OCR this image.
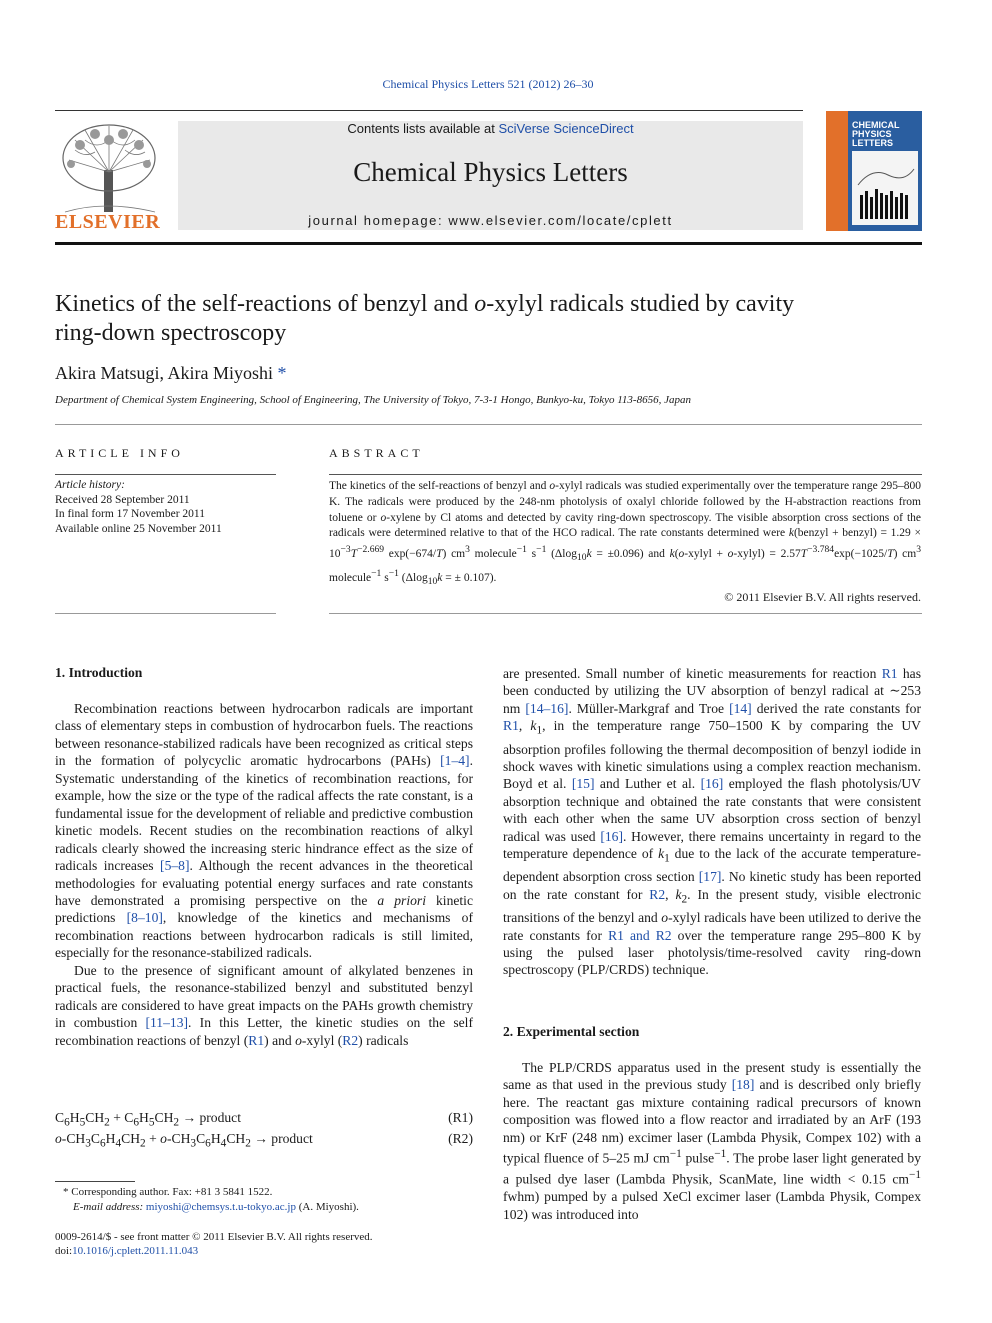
Chemical Physics Letters 521 (2012) 26–30
ELSEVIER
Contents lists available at SciVerse ScienceDirect
Chemical Physics Letters
journal homepage: www.elsevier.com/locate/cplett
CHEMICAL
PHYSICS
LETTERS
Kinetics of the self-reactions of benzyl and o-xylyl radicals studied by cavity
ring-down spectroscopy
Akira Matsugi, Akira Miyoshi *
Department of Chemical System Engineering, School of Engineering, The University of Tokyo, 7-3-1 Hongo, Bunkyo-ku, Tokyo 113-8656, Japan
ARTICLE INFO	ABSTRACT
Article history:
Received 28 September 2011
In final form 17 November 2011
Available online 25 November 2011
The kinetics of the self-reactions of benzyl and o-xylyl radicals was studied experimentally over the temperature range 295–800 K. The radicals were produced by the 248-nm photolysis of oxalyl chloride followed by the H-abstraction reactions from toluene or o-xylene by Cl atoms and detected by cavity ring-down spectroscopy. The visible absorption cross sections of the radicals were determined relative to that of the HCO radical. The rate constants determined were k(benzyl + benzyl) = $1.29 \times 10^{-3}T^{-2.669}$ exp(−674/T) $cm^3$ molecule$^{-1}$ $s^{-1}$ (Δlog$_{10}$k = ±0.096) and k(o-xylyl + o-xylyl) = $2.57T^{-3.784}\exp(-1025/T)$ $cm^3$ molecule$^{-1}$ $s^{-1}$ (Δlog$_{10}$k = ± 0.107).
© 2011 Elsevier B.V. All rights reserved.
1. Introduction

Recombination reactions between hydrocarbon radicals are important class of elementary steps in combustion of hydrocarbon fuels. The reactions between resonance-stabilized radicals have been recognized as critical steps in the formation of polycyclic aromatic hydrocarbons (PAHs) [1–4]. Systematic understanding of the kinetics of recombination reactions, for example, how the size or the type of the radical affects the rate constant, is a fundamental issue for the development of reliable and predictive combustion kinetic models. Recent studies on the recombination reactions of alkyl radicals clearly showed the increasing steric hindrance effect as the size of radicals increases [5–8]. Although the recent advances in the theoretical methodologies for evaluating potential energy surfaces and rate constants have demonstrated a promising perspective on the a priori kinetic predictions [8–10], knowledge of the kinetics and mechanisms of recombination reactions between hydrocarbon radicals is still limited, especially for the resonance-stabilized radicals.

Due to the presence of significant amount of alkylated benzenes in practical fuels, the resonance-stabilized benzyl and substituted benzyl radicals are considered to have great impacts on the PAHs growth chemistry in combustion [11–13]. In this Letter, the kinetic studies on the self recombination reactions of benzyl (R1) and o-xylyl (R2) radicals

$C_6H_5CH_2 + C_6H_5CH_2$ → product	(R1)
$o-CH_3C_6H_4CH_2 + o-CH_3C_6H_4CH_2$ → product	(R2)
* Corresponding author. Fax: +81 3 5841 1522.
E-mail address: miyoshi@chemsys.t.u-tokyo.ac.jp (A. Miyoshi).
0009-2614/$ - see front matter © 2011 Elsevier B.V. All rights reserved.
doi:10.1016/j.cplett.2011.11.043

are presented. Small number of kinetic measurements for reaction R1 has been conducted by utilizing the UV absorption of benzyl radical at ∼253 nm [14–16]. Müller-Markgraf and Troe [14] derived the rate constants for R1, $k_1$, in the temperature range 750–1500 K by comparing the UV absorption profiles following the thermal decomposition of benzyl iodide in shock waves with kinetic simulations using a complex reaction mechanism. Boyd et al. [15] and Luther et al. [16] employed the flash photolysis/UV absorption technique and obtained the rate constants that were consistent with each other when the same UV absorption cross section of benzyl radical was used [16]. However, there remains uncertainty in regard to the temperature dependence of $k_1$ due to the lack of the accurate temperature-dependent absorption cross section [17]. No kinetic study has been reported on the rate constant for R2, $k_2$. In the present study, visible electronic transitions of the benzyl and o-xylyl radicals have been utilized to derive the rate constants for R1 and R2 over the temperature range 295–800 K by using the pulsed laser photolysis/time-resolved cavity ring-down spectroscopy (PLP/CRDS) technique.

2. Experimental section

The PLP/CRDS apparatus used in the present study is essentially the same as that used in the previous study [18] and is described only briefly here. The reactant gas mixture containing radical precursors of known composition was flowed into a flow reactor and irradiated by an ArF (193 nm) or KrF (248 nm) excimer laser (Lambda Physik, Compex 102) with a typical fluence of 5–25 mJ $cm^{-1}$ pulse$^{-1}$. The probe laser light generated by a pulsed dye laser (Lambda Physik, ScanMate, line width < 0.15 $cm^{-1}$ fwhm) pumped by a pulsed XeCl excimer laser (Lambda Physik, Compex 102) was introduced into
